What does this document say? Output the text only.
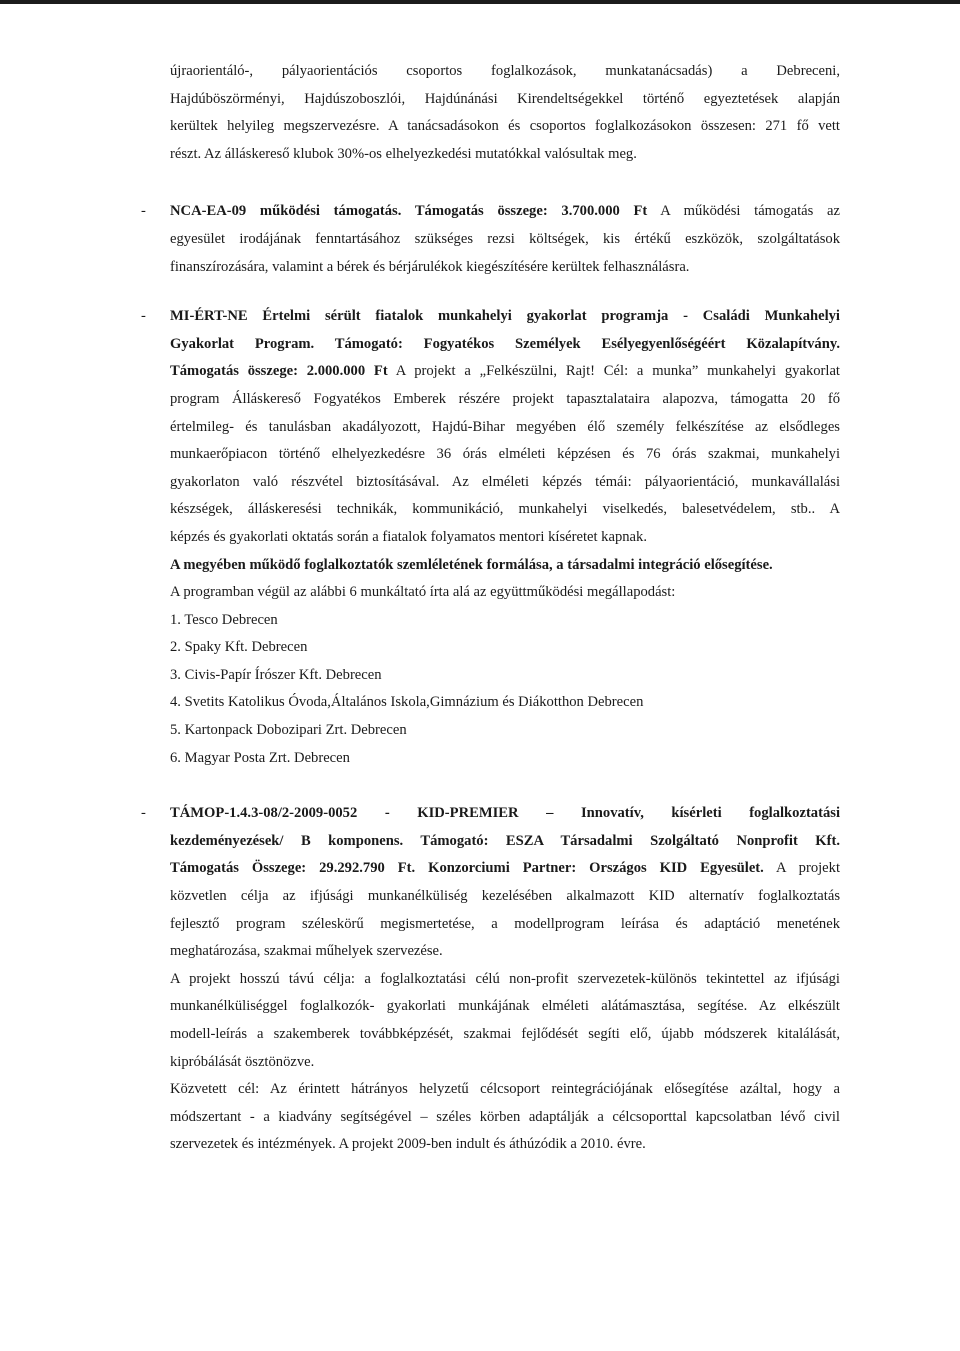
újraorientáló-, pályaorientációs csoportos foglalkozások, munkatanácsadás) a Debreceni,

Hajdúböszörményi, Hajdúszoboszlói, Hajdúnánási Kirendeltségekkel történő egyeztetések alapján

kerültek helyileg megszervezésre. A tanácsadásokon és csoportos foglalkozásokon összesen: 271 fő vett

részt. Az álláskereső klubok 30%-os elhelyezkedési mutatókkal valósultak meg.

- NCA-EA-09 működési támogatás. Támogatás összege: 3.700.000 Ft A működési támogatás az

egyesület irodájának fenntartásához szükséges rezsi költségek, kis értékű eszközök, szolgáltatások

finanszírozására, valamint a bérek és bérjárulékok kiegészítésére kerültek felhasználásra.

- MI-ÉRT-NE Értelmi sérült fiatalok munkahelyi gyakorlat programja - Családi Munkahelyi

Gyakorlat Program. Támogató: Fogyatékos Személyek Esélyegyenlőségéért Közalapítvány.

Támogatás összege: 2.000.000 Ft A projekt a „Felkészülni, Rajt! Cél: a munka” munkahelyi gyakorlat

program Álláskereső Fogyatékos Emberek részére projekt tapasztalataira alapozva, támogatta 20 fő

értelmileg- és tanulásban akadályozott, Hajdú-Bihar megyében élő személy felkészítése az elsődleges

munkaerőpiacon történő elhelyezkedésre 36 órás elméleti képzésen és 76 órás szakmai, munkahelyi

gyakorlaton való részvétel biztosításával. Az elméleti képzés témái: pályaorientáció, munkavállalási

készségek, álláskeresési technikák, kommunikáció, munkahelyi viselkedés, balesetvédelem, stb.. A

képzés és gyakorlati oktatás során a fiatalok folyamatos mentori kíséretet kapnak.

A megyében működő foglalkoztatók szemléletének formálása, a társadalmi integráció elősegítése.

A programban végül az alábbi 6 munkáltató írta alá az együttműködési megállapodást:

1. Tesco Debrecen

2. Spaky Kft. Debrecen

3. Civis-Papír Írószer Kft. Debrecen

4. Svetits Katolikus Óvoda,Általános Iskola,Gimnázium és Diákotthon Debrecen

5. Kartonpack Dobozipari Zrt. Debrecen

6. Magyar Posta Zrt. Debrecen

- TÁMOP-1.4.3-08/2-2009-0052 - KID-PREMIER – Innovatív, kísérleti foglalkoztatási

kezdeményezések/ B komponens. Támogató: ESZA Társadalmi Szolgáltató Nonprofit Kft.

Támogatás Összege: 29.292.790 Ft. Konzorciumi Partner: Országos KID Egyesület. A projekt

közvetlen célja az ifjúsági munkanélküliség kezelésében alkalmazott KID alternatív foglalkoztatás

fejlesztő program széleskörű megismertetése, a modellprogram leírása és adaptáció menetének

meghatározása, szakmai műhelyek szervezése.

A projekt hosszú távú célja: a foglalkoztatási célú non-profit szervezetek-különös tekintettel az ifjúsági

munkanélküliséggel foglalkozók- gyakorlati munkájának elméleti alátámasztása, segítése. Az elkészült

modell-leírás a szakemberek továbbképzését, szakmai fejlődését segíti elő, újabb módszerek kitalálását,

kipróbálását ösztönözve.

Közvetett cél: Az érintett hátrányos helyzetű célcsoport reintegrációjának elősegítése azáltal, hogy a

módszertant - a kiadvány segítségével – széles körben adaptálják a célcsoporttal kapcsolatban lévő civil

szervezetek és intézmények. A projekt 2009-ben indult és áthúzódik a 2010. évre.
